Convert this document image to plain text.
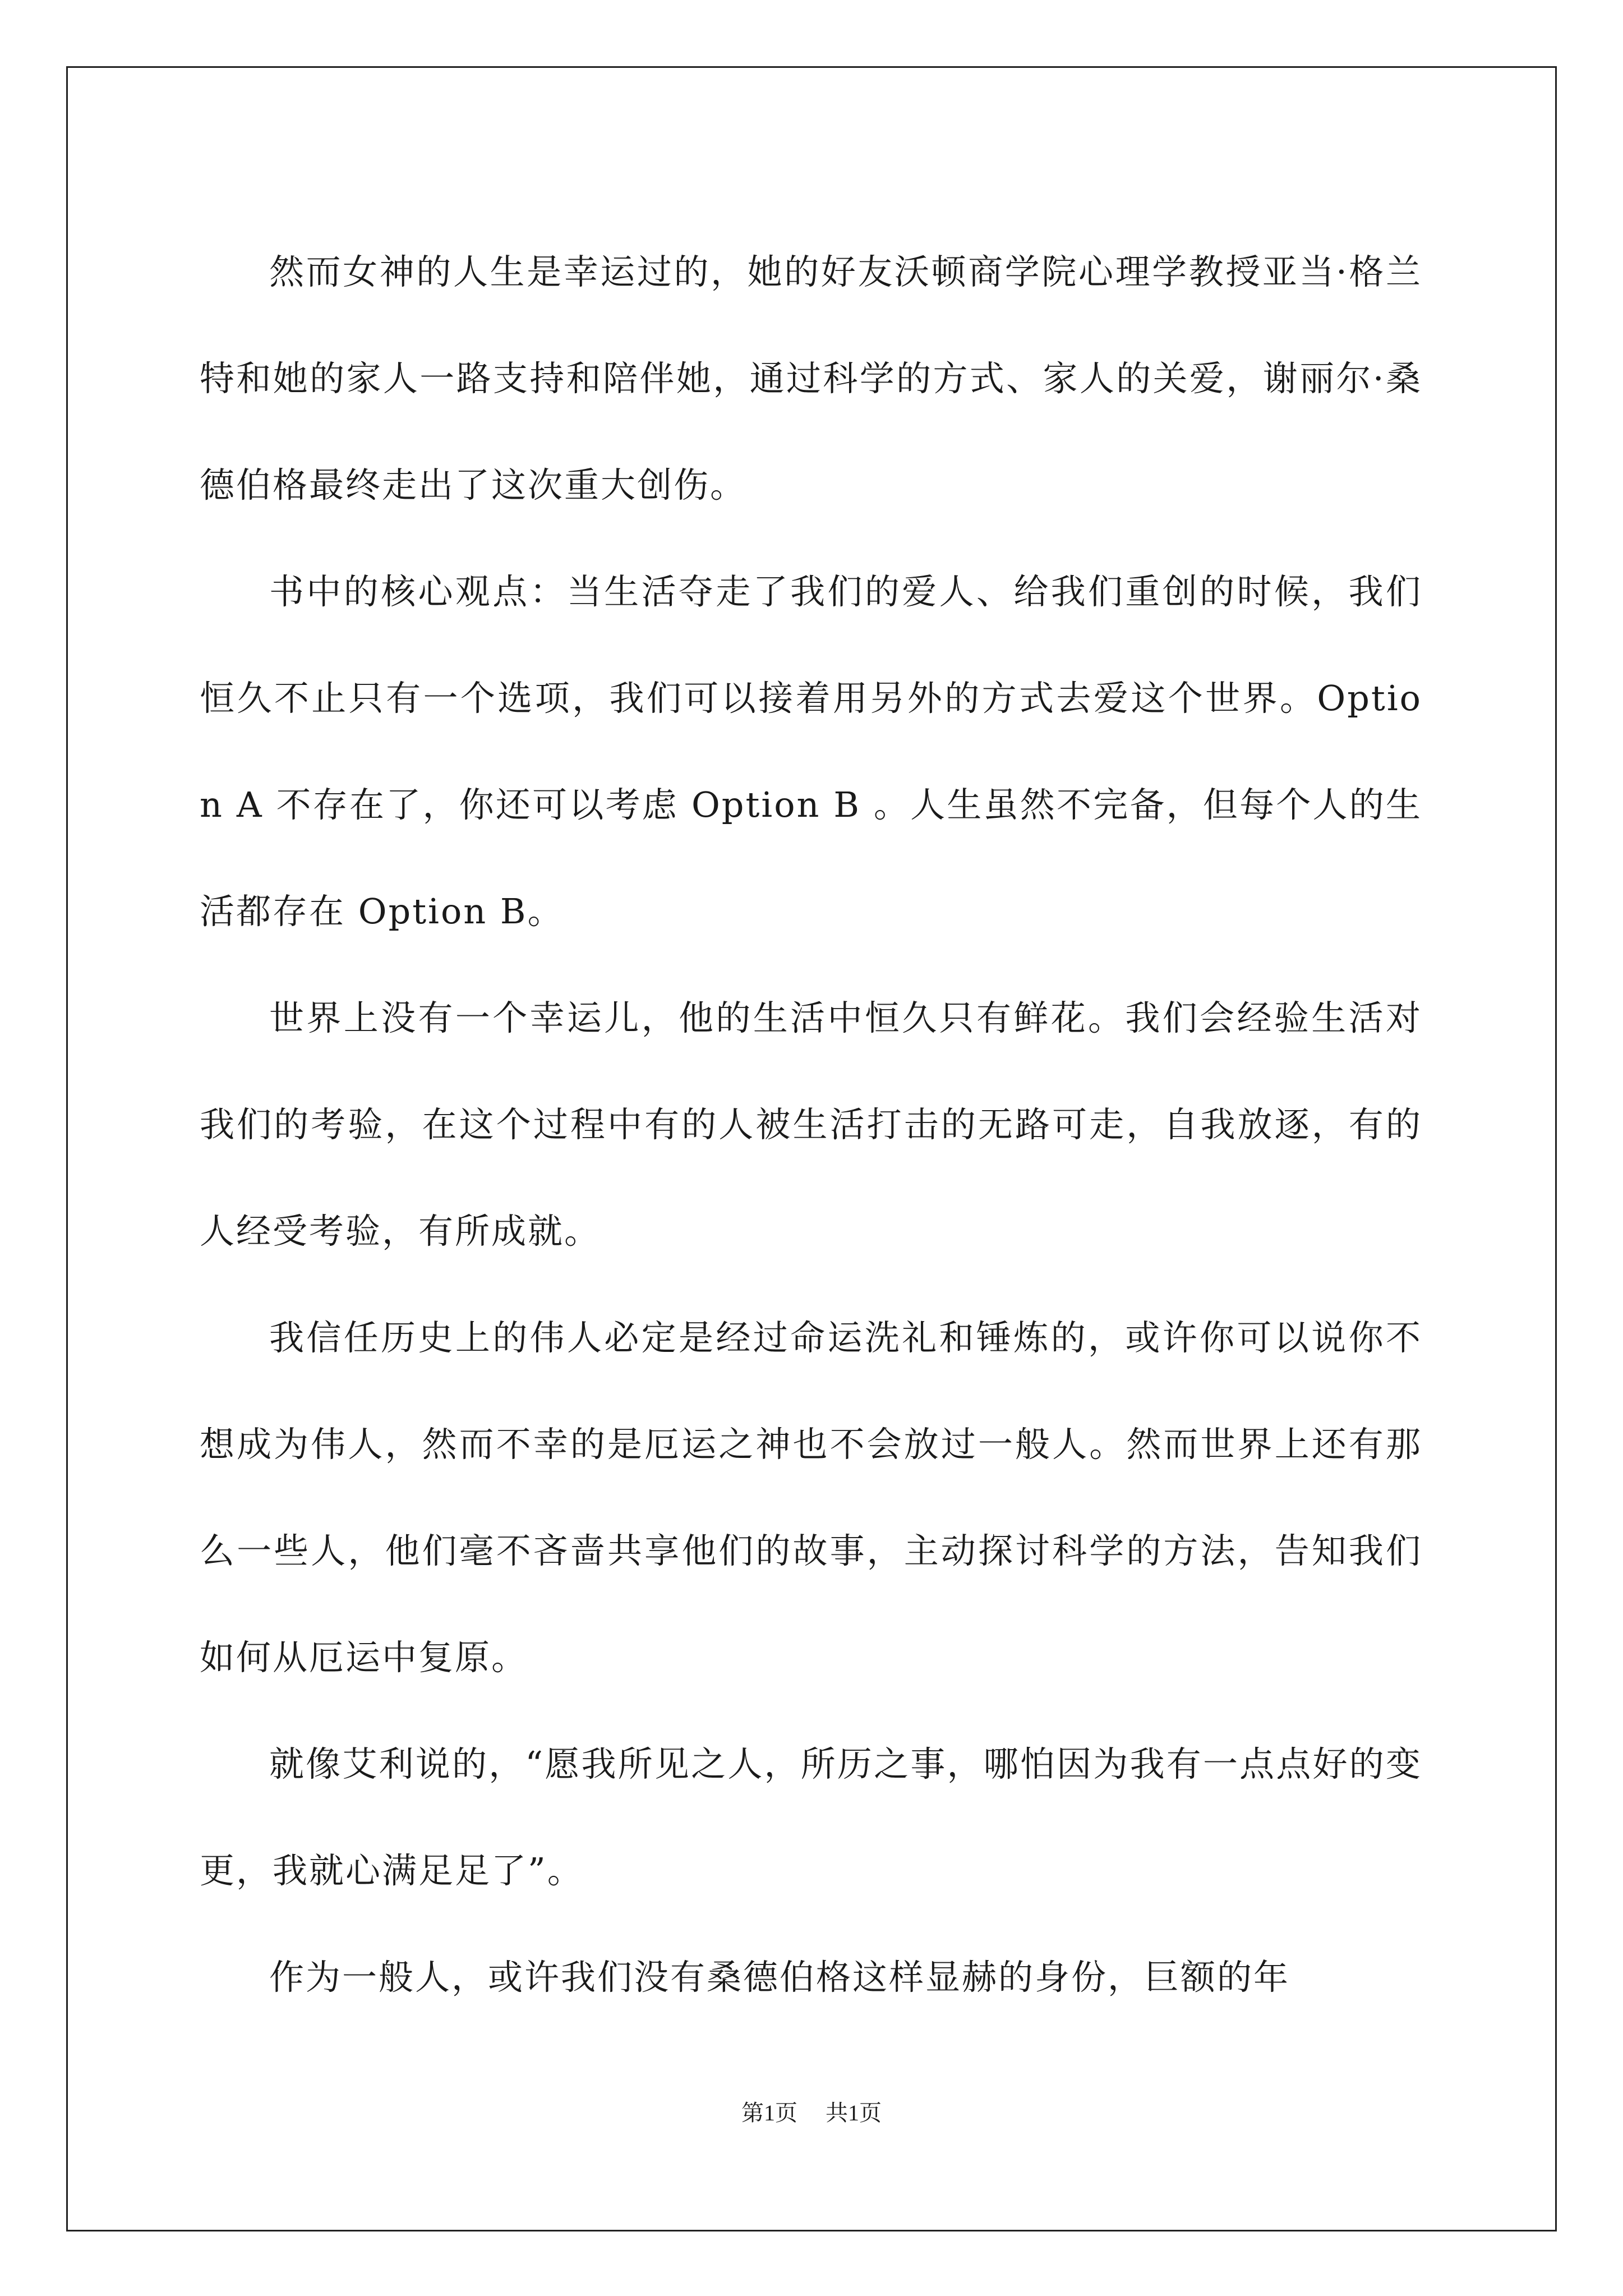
然而女神的人生是幸运过的，她的好友沃顿商学院心理学教授亚当·格兰特和她的家人一路支持和陪伴她，通过科学的方式、家人的关爱，谢丽尔·桑德伯格最终走出了这次重大创伤。

书中的核心观点：当生活夺走了我们的爱人、给我们重创的时候，我们恒久不止只有一个选项，我们可以接着用另外的方式去爱这个世界。Option A 不存在了，你还可以考虑 Option B 。人生虽然不完备，但每个人的生活都存在 Option B。

世界上没有一个幸运儿，他的生活中恒久只有鲜花。我们会经验生活对我们的考验，在这个过程中有的人被生活打击的无路可走，自我放逐，有的人经受考验，有所成就。

我信任历史上的伟人必定是经过命运洗礼和锤炼的，或许你可以说你不想成为伟人，然而不幸的是厄运之神也不会放过一般人。然而世界上还有那么一些人，他们毫不吝啬共享他们的故事，主动探讨科学的方法，告知我们如何从厄运中复原。

就像艾利说的，“愿我所见之人，所历之事，哪怕因为我有一点点好的变更，我就心满足足了”。

作为一般人，或许我们没有桑德伯格这样显赫的身份，巨额的年

第1页 共1页
